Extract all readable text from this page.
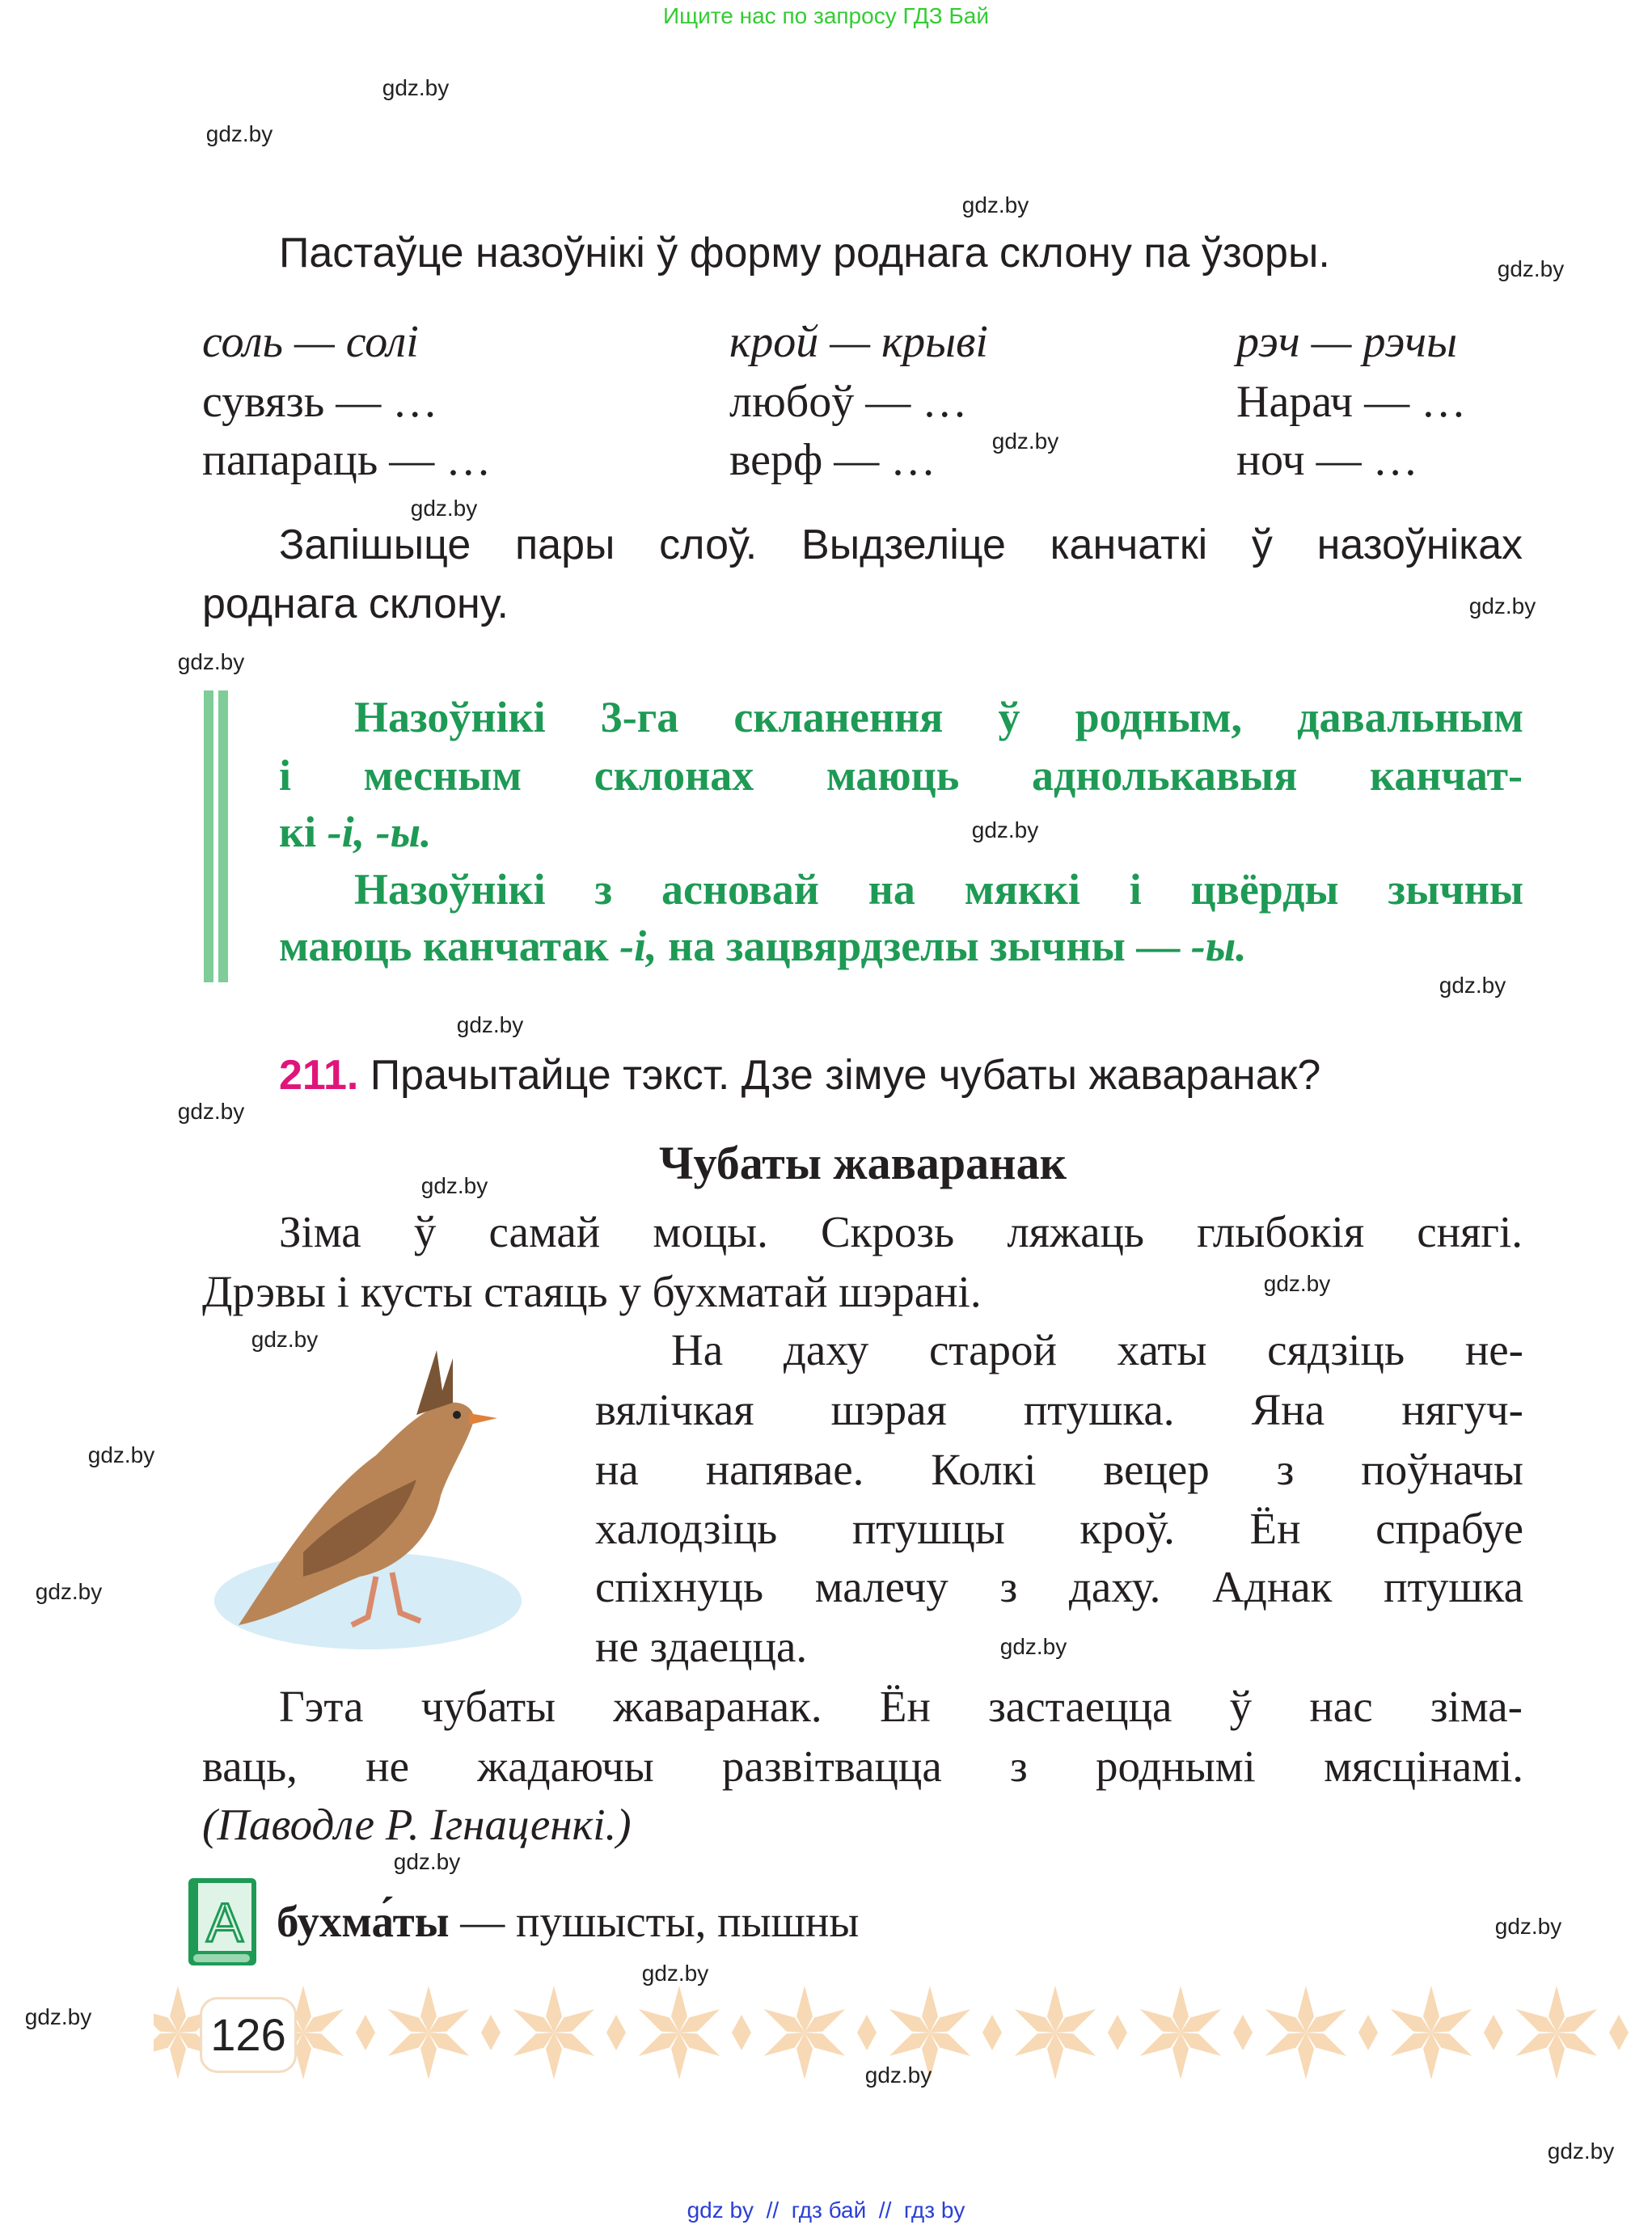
Ищите нас по запросу ГДЗ Бай
Пастаўце назоўнікі ў форму роднага склону па ўзоры.
соль — солі	крой — крыві	рэч — рэчы
сувязь — …	любоў — …	Нарач — …
папараць — …	верф — …	ноч — …
Запішыце пары слоў. Выдзеліце канчаткі ў назоўніках
роднага склону.
Назоўнікі 3-га скланення ў родным, давальным
і месным склонах маюць аднолькавыя канчат-
кі -і, -ы.
Назоўнікі з асновай на мяккі і цвёрды зычны
маюць канчатак -і, на зацвярдзелы зычны — -ы.
211. Прачытайце тэкст. Дзе зімуе чубаты жаваранак?
Чубаты жаваранак
Зіма ў самай моцы. Скрозь ляжаць глыбокія снягі.
Дрэвы і кусты стаяць у бухматай шэрані.
На даху старой хаты сядзіць не-
вялічкая шэрая птушка. Яна нягуч-
на напявае. Колкі вецер з поўначы
халодзіць птушцы кроў. Ён спрабуе
спіхнуць малечу з даху. Аднак птушка
не здаецца.
Гэта чубаты жаваранак. Ён застаецца ў нас зіма-
ваць, не жадаючы развітвацца з роднымі мясцінамі.
(Паводле Р. Ігнаценкі.)
А бухма́ты — пушысты, пышны
126
gdz.by
gdz.by
gdz.by
gdz.by
gdz.by
gdz.by
gdz.by
gdz.by
gdz.by
gdz.by
gdz.by
gdz.by
gdz.by
gdz.by
gdz.by
gdz.by
gdz.by
gdz.by
gdz.by
gdz.by
gdz.by
gdz.by
gdz.by
gdz.by
gdz by  //  гдз бай  //  гдз by
